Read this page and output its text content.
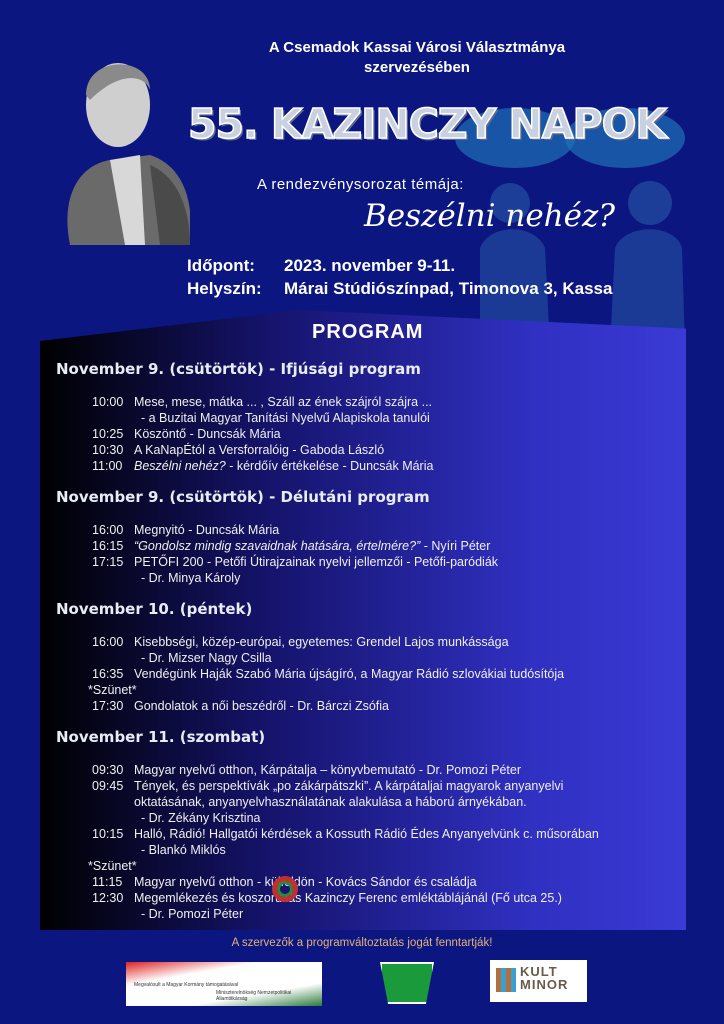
A Csemadok Kassai Városi Választmánya
szervezésében
55. KAZINCZY NAPOK
A rendezvénysorozat témája:
Beszélni nehéz?
Időpont: 2023. november 9-11.
Helyszín: Márai Stúdiószínpad, Timonova 3, Kassa
PROGRAM
November 9. (csütörtök) - Ifjúsági program
10:00 Mese, mese, mátka ... , Száll az ének szájról szájra ...
- a Buzitai Magyar Tanítási Nyelvű Alapiskola tanulói
10:25 Köszöntő - Duncsák Mária
10:30 A KaNapÉtól a Versforralóig - Gaboda László
11:00 Beszélni nehéz? - kérdőív értékelése - Duncsák Mária
November 9. (csütörtök) - Délutáni program
16:00 Megnyitó - Duncsák Mária
16:15 “Gondolsz mindig szavaidnak hatására, értelmére?” - Nyíri Péter
17:15 PETŐFI 200 - Petőfi Útirajzainak nyelvi jellemzői - Petőfi-paródiák
- Dr. Minya Károly
November 10. (péntek)
16:00 Kisebbségi, közép-európai, egyetemes: Grendel Lajos munkássága
- Dr. Mizser Nagy Csilla
16:35 Vendégünk Haják Szabó Mária újságíró, a Magyar Rádió szlovákiai tudósítója
*Szünet*
17:30 Gondolatok a női beszédről - Dr. Bárczi Zsófia
November 11. (szombat)
09:30 Magyar nyelvű otthon, Kárpátalja – könyvbemutató - Dr. Pomozi Péter
09:45 Tények, és perspektívák „po zákárpátszki”. A kárpátaljai magyarok anyanyelvi
oktatásának, anyanyelvhasználatának alakulása a háború árnyékában.
- Dr. Zékány Krisztina
10:15 Halló, Rádió! Hallgatói kérdések a Kossuth Rádió Édes Anyanyelvünk c. műsorában
- Blankó Miklós
*Szünet*
11:15 Magyar nyelvű otthon - külföldön - Kovács Sándor és családja
12:30 Megemlékezés és koszorúzás Kazinczy Ferenc emléktáblájánál (Fő utca 25.)
- Dr. Pomozi Péter
A szervezők a programváltoztatás jogát fenntartják!
Megvalósult a Magyar Kormány támogatásával
Miniszterelnökség Nemzetpolitikai Államtitkárság
KULT MINOR
